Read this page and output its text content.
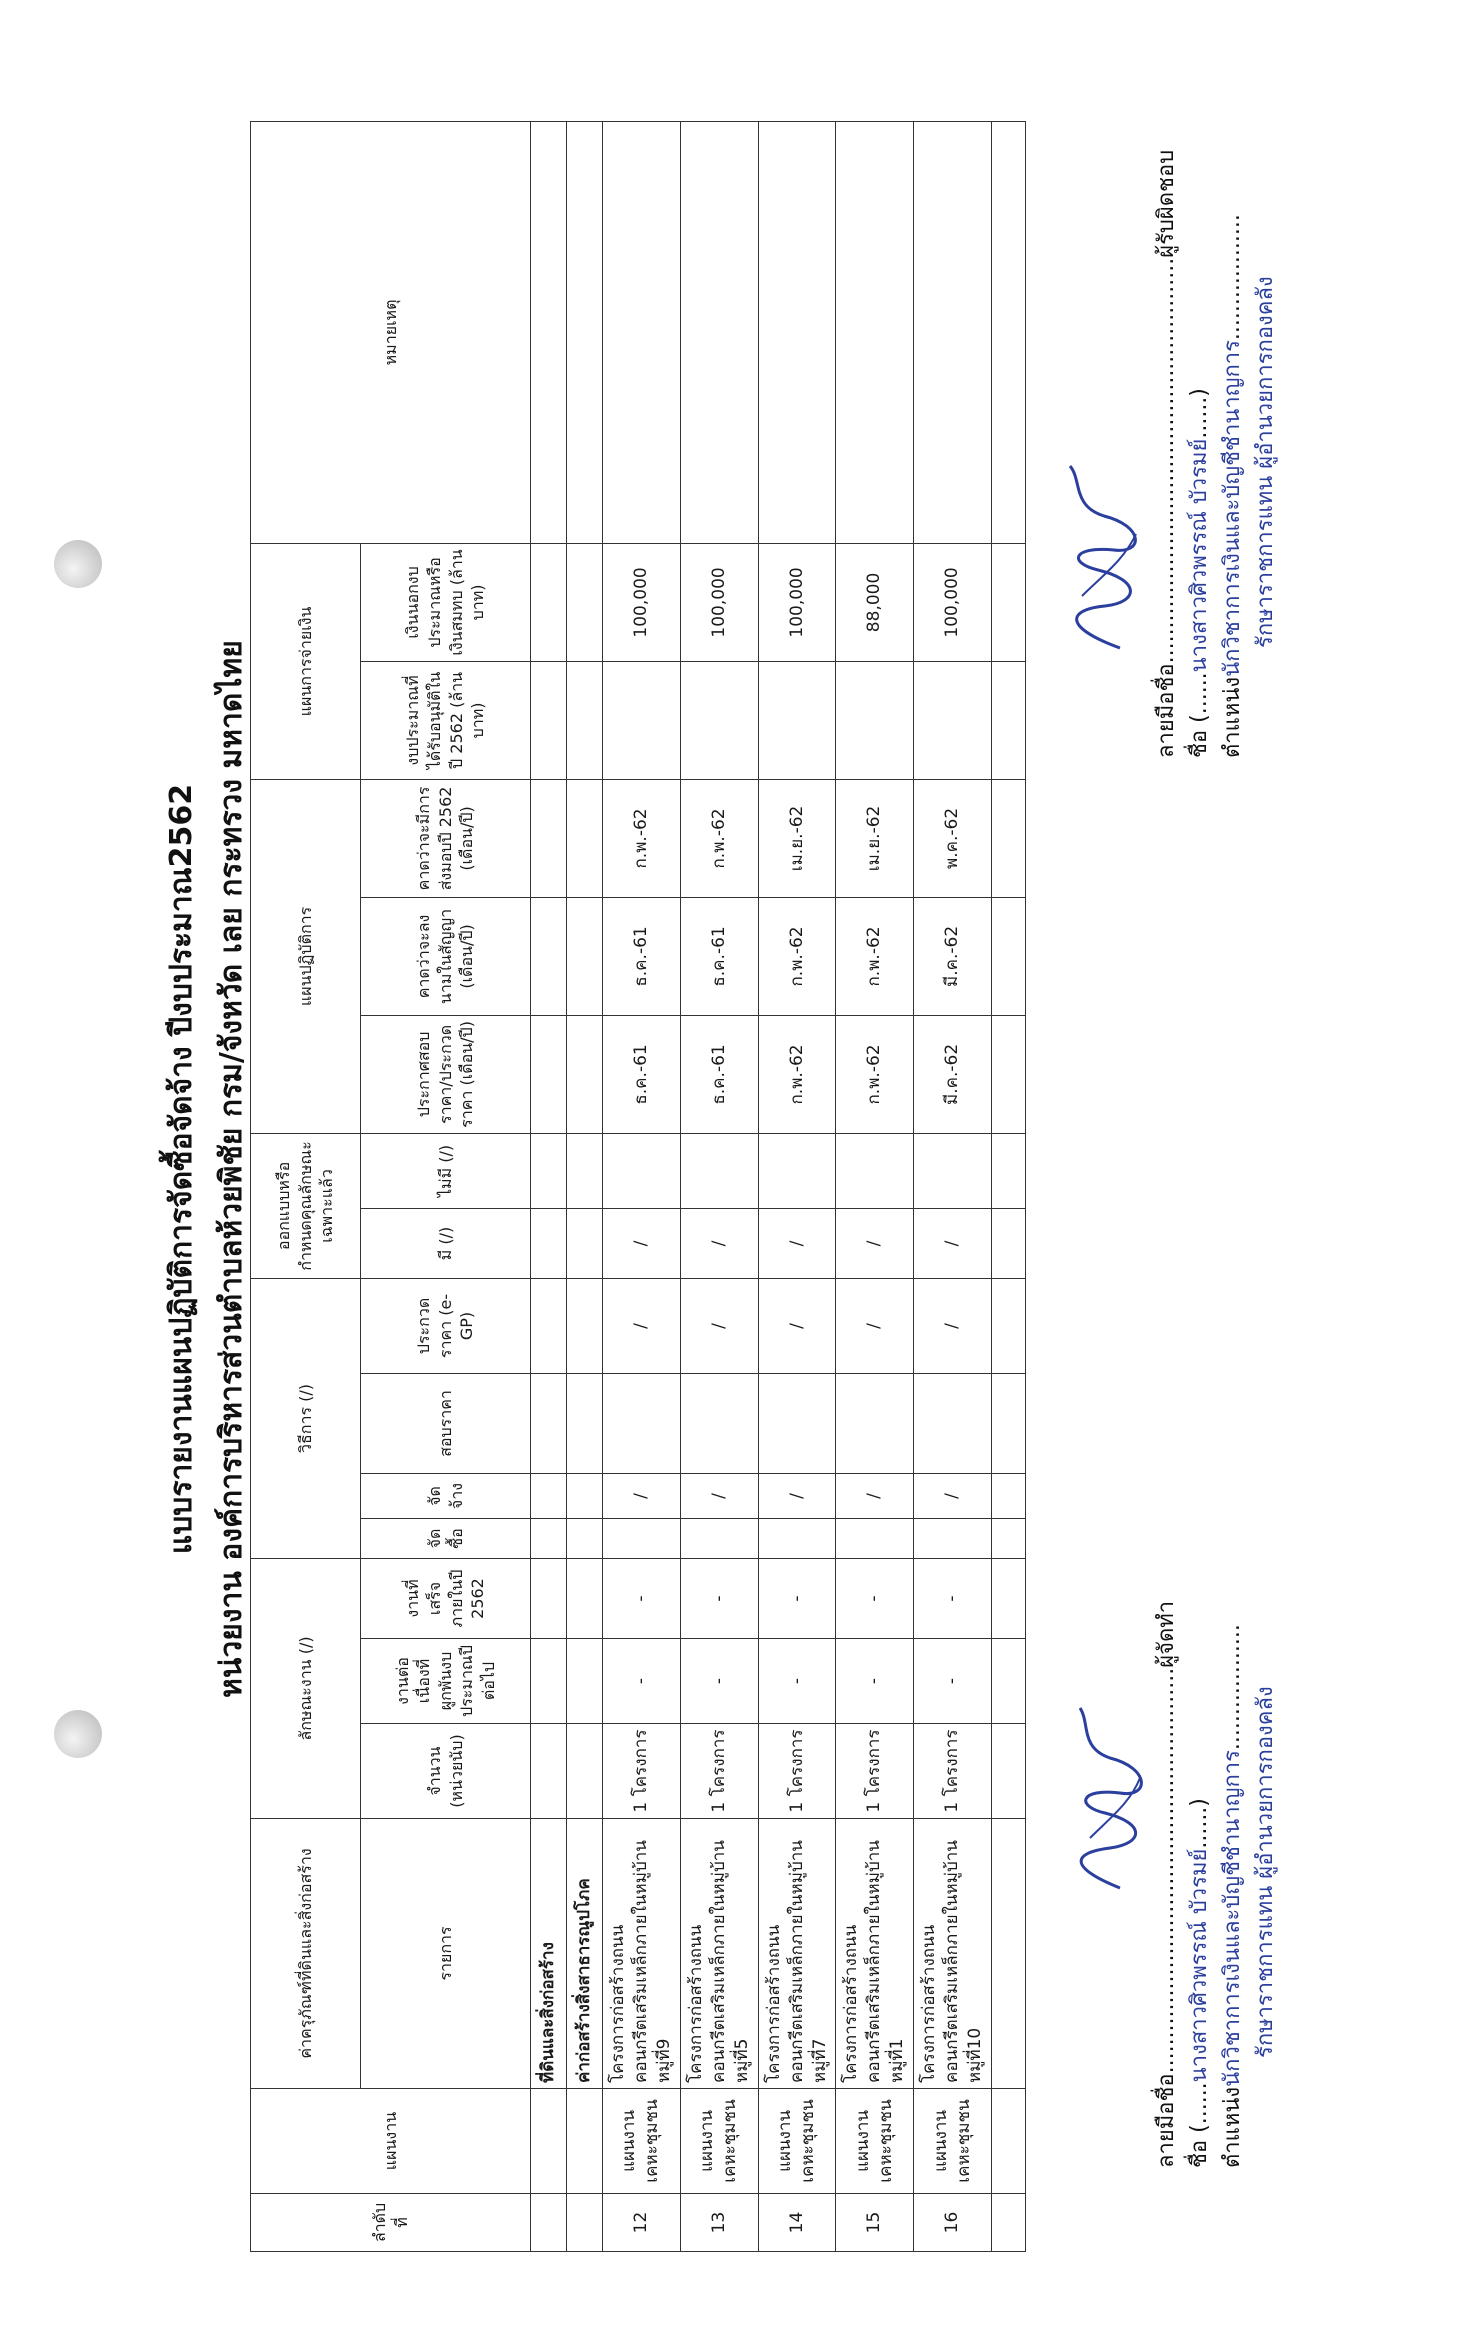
แบบรายงานแผนปฏิบัติการจัดซื้อจัดจ้าง ปีงบประมาณ2562 หน่วยงาน องค์การบริหารส่วนตำบลห้วยพิชัย กรม/จังหวัด เลย กระทรวง มหาดไทย
ลำดับที่	แผนงาน	ค่าครุภัณฑ์ที่ดินและสิ่งก่อสร้าง	ลักษณะงาน (/)			วิธีการ (/)				ออกแบบหรือกำหนดคุณลักษณะเฉพาะแล้ว		แผนปฏิบัติการ			แผนการจ่ายเงิน		หมายเหตุ
		รายการ	จำนวน (หน่วยนับ)	งานต่อเนื่องที่ผูกพันงบประมาณปีต่อไป	งานที่เสร็จภายในปี 2562	จัดซื้อ	จัดจ้าง	สอบราคา	ประกวดราคา (e-GP)	มี (/)	ไม่มี (/)	ประกาศสอบราคา/ประกวดราคา (เดือน/ปี)	คาดว่าจะลงนามในสัญญา (เดือน/ปี)	คาดว่าจะมีการส่งมอบปี 2562 (เดือน/ปี)	งบประมาณที่ได้รับอนุมัติในปี 2562 (ล้านบาท)	เงินนอกงบประมาณหรือเงินสมทบ (ล้านบาท)	
		ที่ดินและสิ่งก่อสร้าง															
		ค่าก่อสร้างสิ่งสาธารณูปโภค															
12	แผนงานเคหะชุมชน	โครงการก่อสร้างถนนคอนกรีตเสริมเหล็กภายในหมู่บ้าน หมู่ที่9	1 โครงการ	-	-		/		/	/		ธ.ค.-61	ธ.ค.-61	ก.พ.-62		100,000	
13	แผนงานเคหะชุมชน	โครงการก่อสร้างถนนคอนกรีตเสริมเหล็กภายในหมู่บ้าน หมู่ที่5	1 โครงการ	-	-		/		/	/		ธ.ค.-61	ธ.ค.-61	ก.พ.-62		100,000	
14	แผนงานเคหะชุมชน	โครงการก่อสร้างถนนคอนกรีตเสริมเหล็กภายในหมู่บ้าน หมู่ที่7	1 โครงการ	-	-		/		/	/		ก.พ.-62	ก.พ.-62	เม.ย.-62		100,000	
15	แผนงานเคหะชุมชน	โครงการก่อสร้างถนนคอนกรีตเสริมเหล็กภายในหมู่บ้าน หมู่ที่1	1 โครงการ	-	-		/		/	/		ก.พ.-62	ก.พ.-62	เม.ย.-62		88,000	
16	แผนงานเคหะชุมชน	โครงการก่อสร้างถนนคอนกรีตเสริมเหล็กภายในหมู่บ้าน หมู่ที่10	1 โครงการ	-	-		/		/	/		มี.ค.-62	มี.ค.-62	พ.ค.-62		100,000	

ลายมือชื่อ..........................................................ผู้จัดทำ
ชื่อ (......นางสาวศิวพรรณ์ บัวรมย์......)
ตำแหน่งนักวิชาการเงินและบัญชีชำนาญการ.................. รักษาราชการแทน ผู้อำนวยการกองคลัง
ลายมือชื่อ..........................................................ผู้รับผิดชอบ
ชื่อ (......นางสาวศิวพรรณ์ บัวรมย์......)
ตำแหน่งนักวิชาการเงินและบัญชีชำนาญการ.................. รักษาราชการแทน ผู้อำนวยการกองคลัง
